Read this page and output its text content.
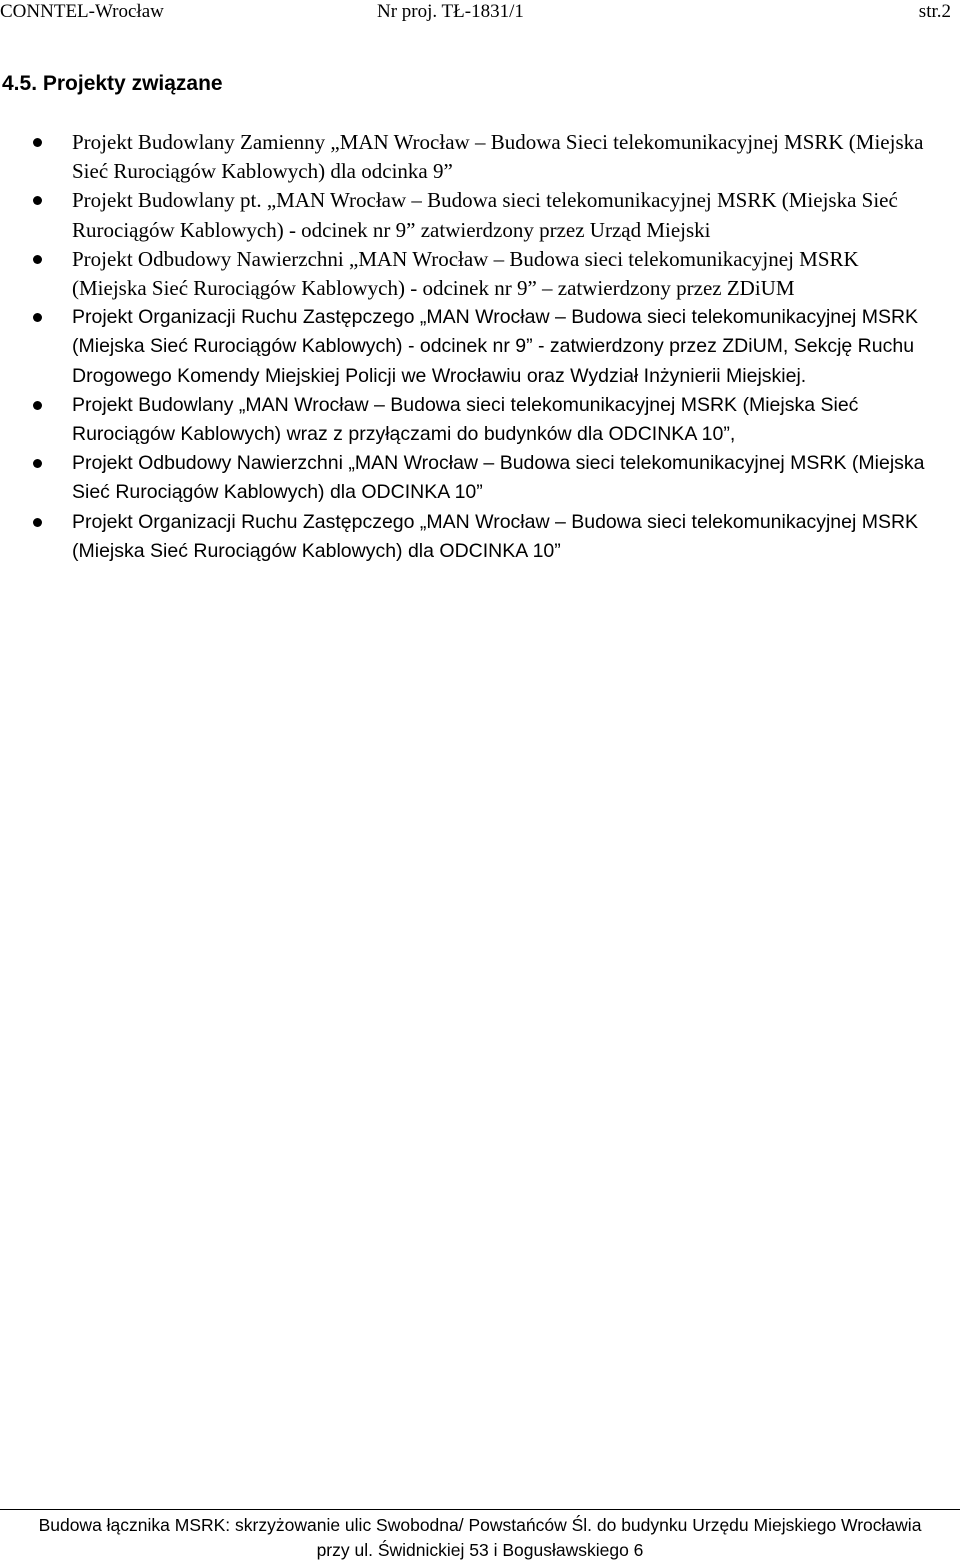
CONNTEL-Wrocław	Nr proj. TŁ-1831/1	str.2
4.5. Projekty związane
Projekt Budowlany Zamienny „MAN Wrocław – Budowa Sieci telekomunikacyjnej MSRK (Miejska Sieć Rurociągów Kablowych) dla odcinka 9”
Projekt Budowlany pt. „MAN Wrocław – Budowa sieci telekomunikacyjnej MSRK (Miejska Sieć Rurociągów Kablowych) - odcinek nr 9” zatwierdzony przez Urząd Miejski
Projekt Odbudowy Nawierzchni „MAN Wrocław – Budowa sieci telekomunikacyjnej MSRK (Miejska Sieć Rurociągów Kablowych) - odcinek nr 9” – zatwierdzony przez ZDiUM
Projekt Organizacji Ruchu Zastępczego „MAN Wrocław – Budowa sieci telekomunikacyjnej MSRK (Miejska Sieć Rurociągów Kablowych) - odcinek nr 9” - zatwierdzony przez ZDiUM, Sekcję Ruchu Drogowego Komendy Miejskiej Policji we Wrocławiu oraz Wydział Inżynierii Miejskiej.
Projekt Budowlany „MAN Wrocław – Budowa sieci telekomunikacyjnej MSRK (Miejska Sieć Rurociągów Kablowych) wraz z przyłączami do budynków dla ODCINKA 10”,
Projekt Odbudowy Nawierzchni „MAN Wrocław – Budowa sieci telekomunikacyjnej MSRK (Miejska Sieć Rurociągów Kablowych) dla ODCINKA 10”
Projekt Organizacji Ruchu Zastępczego „MAN Wrocław – Budowa sieci telekomunikacyjnej MSRK (Miejska Sieć Rurociągów Kablowych) dla ODCINKA 10”
Budowa łącznika MSRK: skrzyżowanie ulic Swobodna/ Powstańców Śl. do budynku Urzędu Miejskiego Wrocławia
przy ul. Świdnickiej 53 i Bogusławskiego 6
